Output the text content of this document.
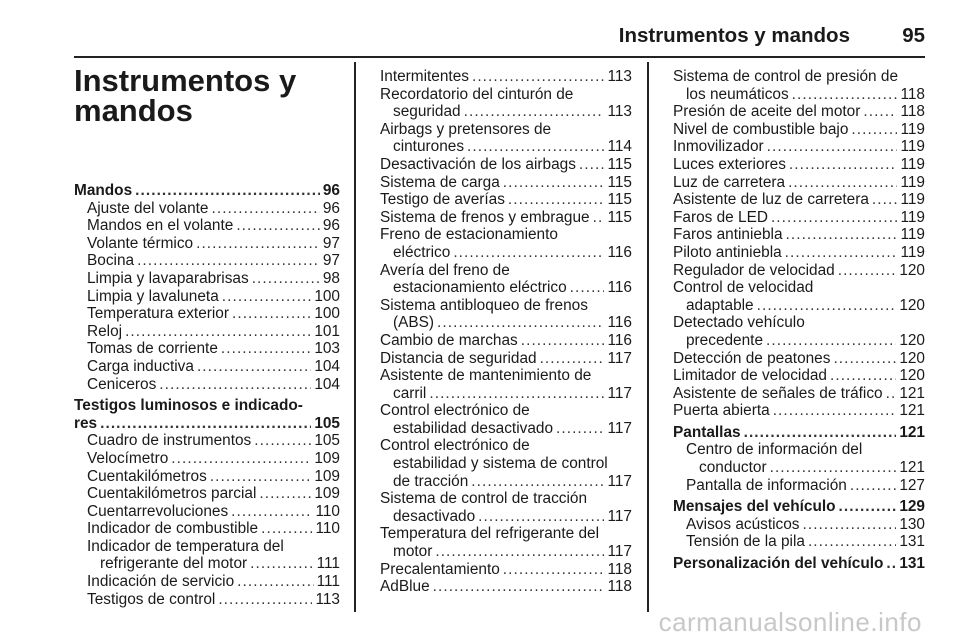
Instrumentos y mandos	95
Instrumentos y mandos
Mandos . . .	96
Ajuste del volante . . .	96
Mandos en el volante . . .	96
Volante térmico . . .	97
Bocina . . .	97
Limpia y lavaparabrisas . . .	98
Limpia y lavaluneta . . .	100
Temperatura exterior . . .	100
Reloj . . .	101
Tomas de corriente . . .	103
Carga inductiva . . .	104
Ceniceros . . .	104
Testigos luminosos e indicado-
res . . .	105
Cuadro de instrumentos . . .	105
Velocímetro . . .	109
Cuentakilómetros . . .	109
Cuentakilómetros parcial . . .	109
Cuentarrevoluciones . . .	110
Indicador de combustible . . .	110
Indicador de temperatura del
refrigerante del motor . . .	111
Indicación de servicio . . .	111
Testigos de control . . .	113
Intermitentes . . .	113
Recordatorio del cinturón de
seguridad . . .	113
Airbags y pretensores de
cinturones . . .	114
Desactivación de los airbags . . . 115
Sistema de carga . . .	115
Testigo de averías . . .	115
Sistema de frenos y embrague . . . 115
Freno de estacionamiento
eléctrico . . .	116
Avería del freno de
estacionamiento eléctrico . . .	116
Sistema antibloqueo de frenos
(ABS) . . .	116
Cambio de marchas . . .	116
Distancia de seguridad . . .	117
Asistente de mantenimiento de
carril . . .	117
Control electrónico de
estabilidad desactivado . . .	117
Control electrónico de
estabilidad y sistema de control
de tracción . . .	117
Sistema de control de tracción
desactivado . . .	117
Temperatura del refrigerante del
motor . . .	117
Precalentamiento . . .	118
AdBlue . . .	118
Sistema de control de presión de
los neumáticos . . .	118
Presión de aceite del motor . . .	118
Nivel de combustible bajo . . .	119
Inmovilizador . . .	119
Luces exteriores . . .	119
Luz de carretera . . .	119
Asistente de luz de carretera . . . 119
Faros de LED . . .	119
Faros antiniebla . . .	119
Piloto antiniebla . . .	119
Regulador de velocidad . . .	120
Control de velocidad
adaptable . . .	120
Detectado vehículo
precedente . . .	120
Detección de peatones . . .	120
Limitador de velocidad . . .	120
Asistente de señales de tráfico . . . 121
Puerta abierta . . .	121
Pantallas . . .	121
Centro de información del
conductor . . .	121
Pantalla de información . . .	127
Mensajes del vehículo . . .	129
Avisos acústicos . . .	130
Tensión de la pila . . .	131
Personalización del vehículo . . . 131
carmanualsonline.info
